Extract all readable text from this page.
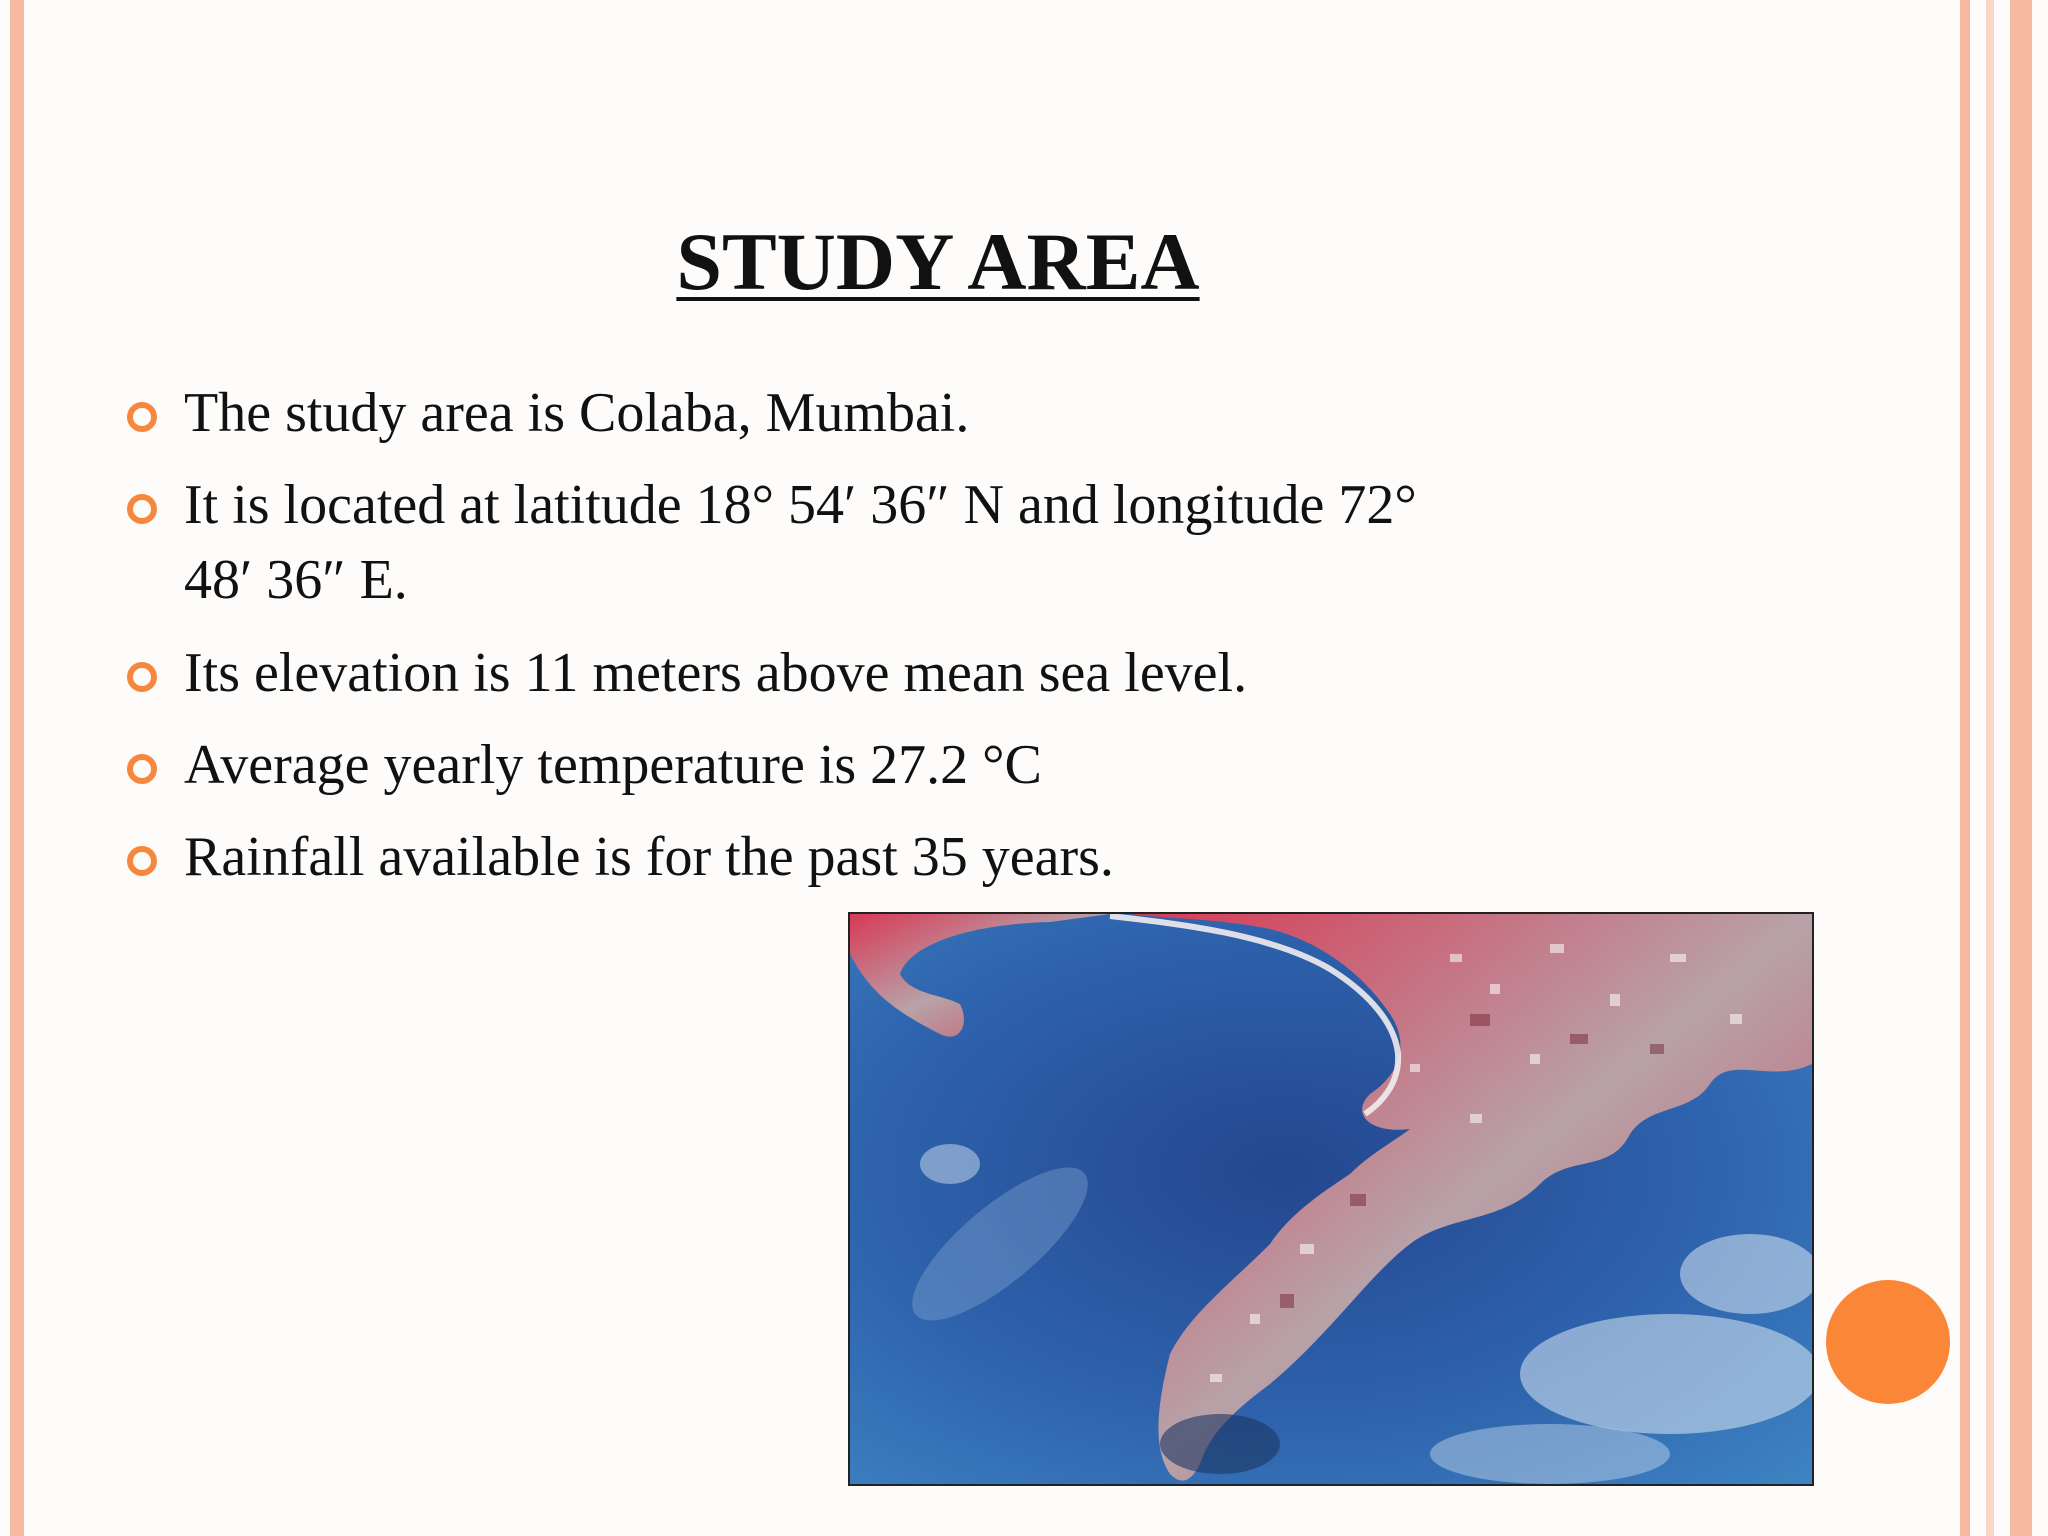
STUDY AREA
The study area is Colaba, Mumbai.
It is located at latitude 18° 54′ 36″ N and longitude 72° 48′ 36″ E.
Its elevation is 11 meters above mean sea level.
Average yearly temperature is 27.2 °C
Rainfall available is for the past 35 years.
